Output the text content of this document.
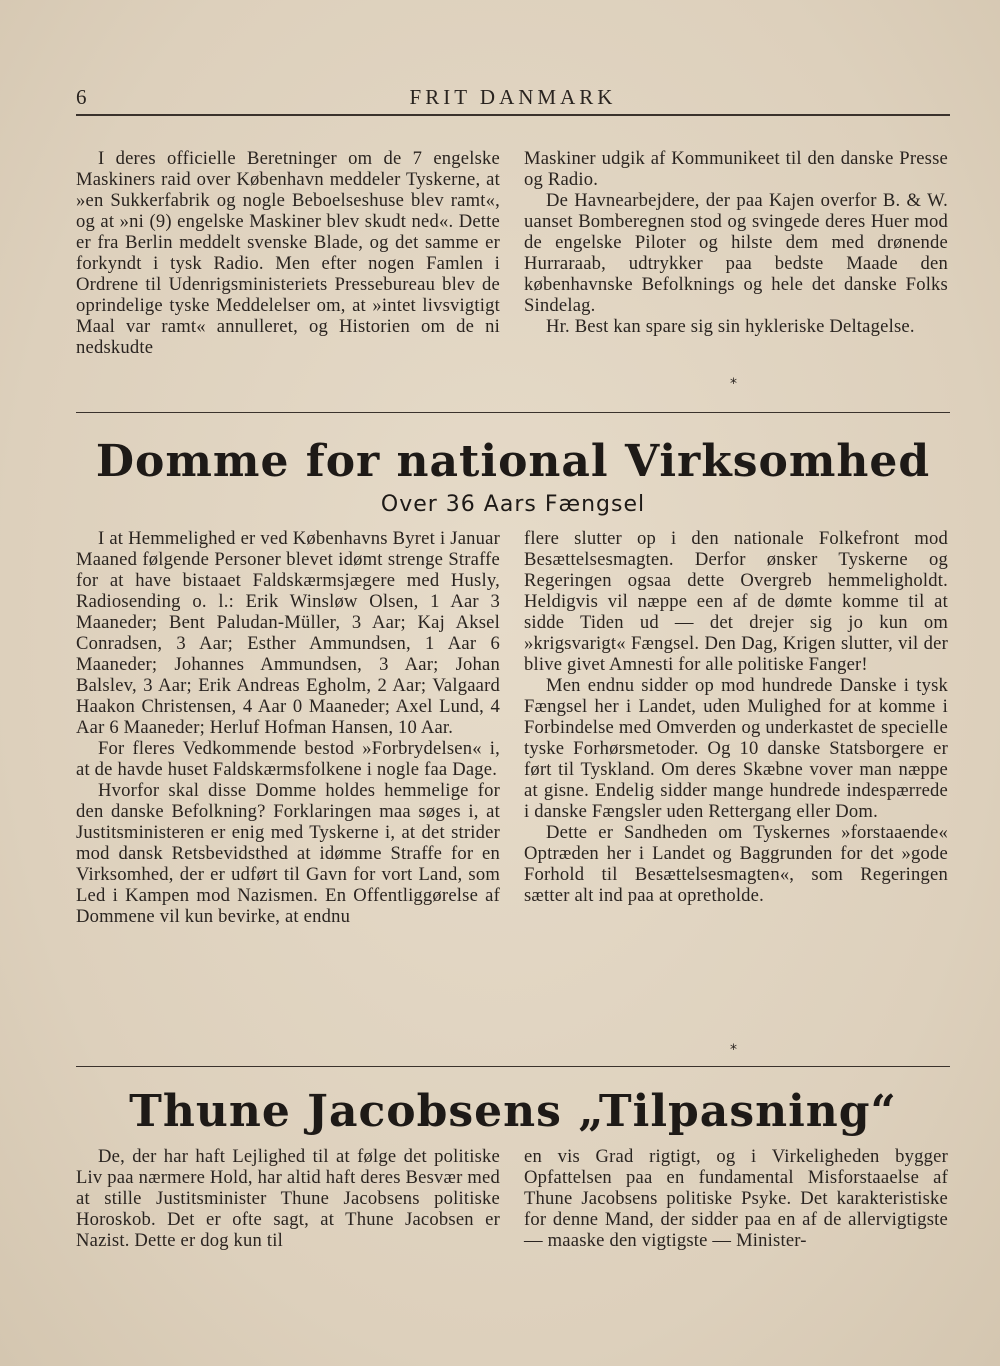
6	FRIT DANMARK

I deres officielle Beretninger om de 7 engelske Maskiners raid over København meddeler Tyskerne, at »en Sukkerfabrik og nogle Beboelseshuse blev ramt«, og at »ni (9) engelske Maskiner blev skudt ned«. Dette er fra Berlin meddelt svenske Blade, og det samme er forkyndt i tysk Radio. Men efter nogen Famlen i Ordrene til Udenrigsministeriets Pressebureau blev de oprindelige tyske Meddelelser om, at »intet livsvigtigt Maal var ramt« annulleret, og Historien om de ni nedskudte

Maskiner udgik af Kommunikeet til den danske Presse og Radio.

De Havnearbejdere, der paa Kajen overfor B. & W. uanset Bomberegnen stod og svingede deres Huer mod de engelske Piloter og hilste dem med drønende Hurraraab, udtrykker paa bedste Maade den københavnske Befolknings og hele det danske Folks Sindelag.

Hr. Best kan spare sig sin hykleriske Deltagelse.

*
Domme for national Virksomhed
Over 36 Aars Fængsel

I at Hemmelighed er ved Københavns Byret i Januar Maaned følgende Personer blevet idømt strenge Straffe for at have bistaaet Faldskærmsjægere med Husly, Radiosending o. l.: Erik Winsløw Olsen, 1 Aar 3 Maaneder; Bent Paludan-Müller, 3 Aar; Kaj Aksel Conradsen, 3 Aar; Esther Ammundsen, 1 Aar 6 Maaneder; Johannes Ammundsen, 3 Aar; Johan Balslev, 3 Aar; Erik Andreas Egholm, 2 Aar; Valgaard Haakon Christensen, 4 Aar 0 Maaneder; Axel Lund, 4 Aar 6 Maaneder; Herluf Hofman Hansen, 10 Aar.

For fleres Vedkommende bestod »Forbrydelsen« i, at de havde huset Faldskærmsfolkene i nogle faa Dage.

Hvorfor skal disse Domme holdes hemmelige for den danske Befolkning? Forklaringen maa søges i, at Justitsministeren er enig med Tyskerne i, at det strider mod dansk Retsbevidsthed at idømme Straffe for en Virksomhed, der er udført til Gavn for vort Land, som Led i Kampen mod Nazismen. En Offentliggørelse af Dommene vil kun bevirke, at endnu

flere slutter op i den nationale Folkefront mod Besættelsesmagten. Derfor ønsker Tyskerne og Regeringen ogsaa dette Overgreb hemmeligholdt. Heldigvis vil næppe een af de dømte komme til at sidde Tiden ud — det drejer sig jo kun om »krigsvarigt« Fængsel. Den Dag, Krigen slutter, vil der blive givet Amnesti for alle politiske Fanger!

Men endnu sidder op mod hundrede Danske i tysk Fængsel her i Landet, uden Mulighed for at komme i Forbindelse med Omverden og underkastet de specielle tyske Forhørsmetoder. Og 10 danske Statsborgere er ført til Tyskland. Om deres Skæbne vover man næppe at gisne. Endelig sidder mange hundrede indespærrede i danske Fængsler uden Rettergang eller Dom.

Dette er Sandheden om Tyskernes »forstaaende« Optræden her i Landet og Baggrunden for det »gode Forhold til Besættelsesmagten«, som Regeringen sætter alt ind paa at opretholde.

*
Thune Jacobsens „Tilpasning“

De, der har haft Lejlighed til at følge det politiske Liv paa nærmere Hold, har altid haft deres Besvær med at stille Justitsminister Thune Jacobsens politiske Horoskob. Det er ofte sagt, at Thune Jacobsen er Nazist. Dette er dog kun til

en vis Grad rigtigt, og i Virkeligheden bygger Opfattelsen paa en fundamental Misforstaaelse af Thune Jacobsens politiske Psyke. Det karakteristiske for denne Mand, der sidder paa en af de allervigtigste — maaske den vigtigste — Minister-
